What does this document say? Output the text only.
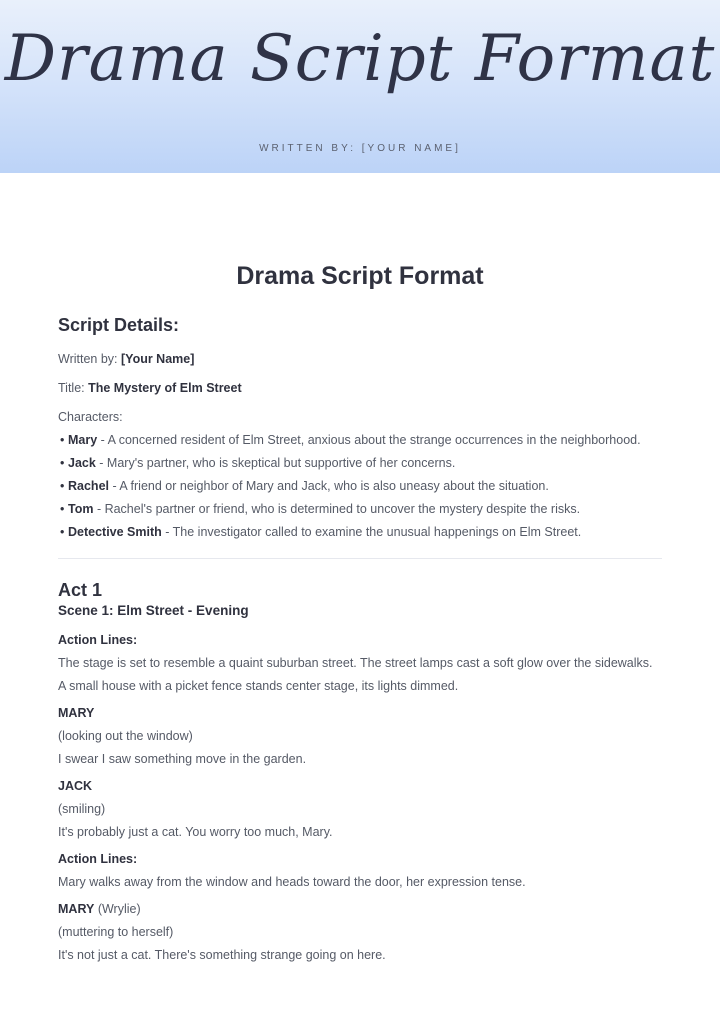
Drama Script Format
WRITTEN BY: [YOUR NAME]
Drama Script Format
Script Details:

Written by: [Your Name]

Title: The Mystery of Elm Street

Characters:

• Mary - A concerned resident of Elm Street, anxious about the strange occurrences in the neighborhood.
• Jack - Mary's partner, who is skeptical but supportive of her concerns.
• Rachel - A friend or neighbor of Mary and Jack, who is also uneasy about the situation.
• Tom - Rachel's partner or friend, who is determined to uncover the mystery despite the risks.
• Detective Smith - The investigator called to examine the unusual happenings on Elm Street.
Act 1
Scene 1: Elm Street - Evening
Action Lines:

The stage is set to resemble a quaint suburban street. The street lamps cast a soft glow over the sidewalks. A small house with a picket fence stands center stage, its lights dimmed.

MARY

(looking out the window)

I swear I saw something move in the garden.

JACK

(smiling)

It's probably just a cat. You worry too much, Mary.

Action Lines:

Mary walks away from the window and heads toward the door, her expression tense.

MARY (Wrylie)

(muttering to herself)

It's not just a cat. There's something strange going on here.
